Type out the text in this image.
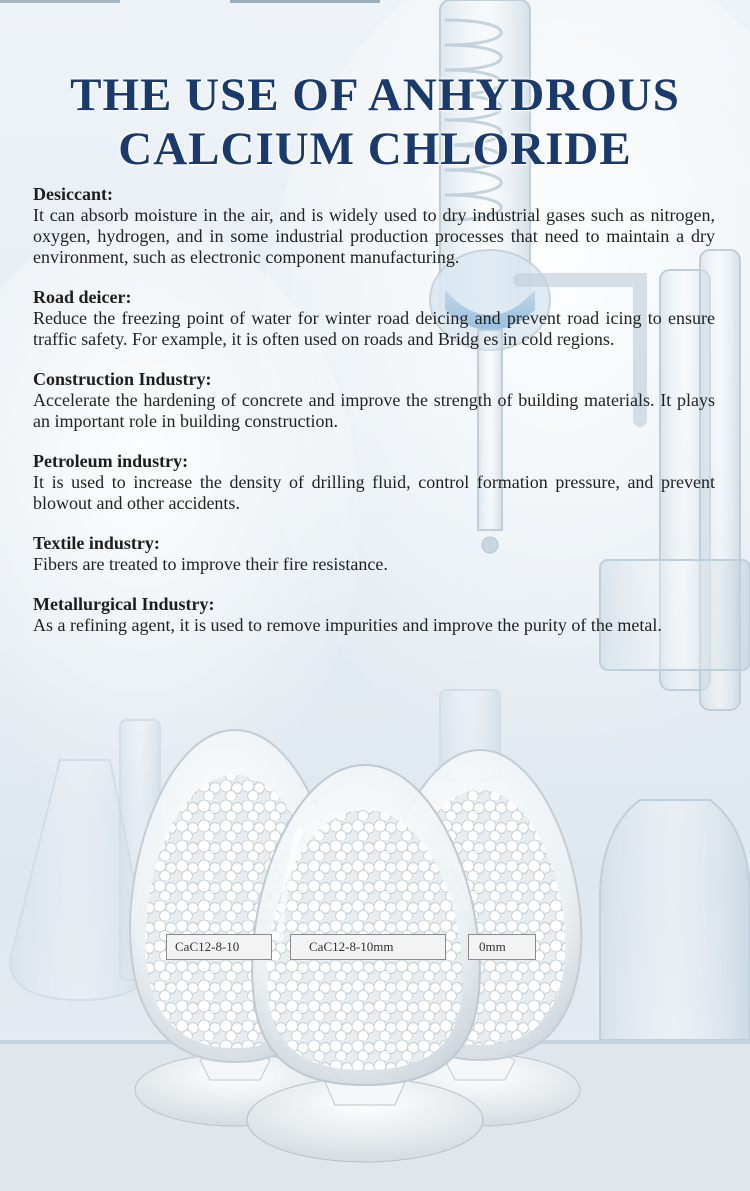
THE USE OF ANHYDROUS
CALCIUM CHLORIDE
Desiccant:

It can absorb moisture in the air, and is widely used to dry industrial gases such as nitrogen, oxygen, hydrogen, and in some industrial production processes that need to maintain a dry environment, such as electronic component manufacturing.

Road deicer:

Reduce the freezing point of water for winter road deicing and prevent road icing to ensure traffic safety. For example, it is often used on roads and Bridg es in cold regions.

Construction Industry:

Accelerate the hardening of concrete and improve the strength of building materials. It plays an important role in building construction.

Petroleum industry:

It is used to increase the density of drilling fluid, control formation pressure, and prevent blowout and other accidents.

Textile industry:

Fibers are treated to improve their fire resistance.

Metallurgical Industry:

As a refining agent, it is used to remove impurities and improve the purity of the metal.

CaC12-8-10	CaC12-8-10mm	0mm
